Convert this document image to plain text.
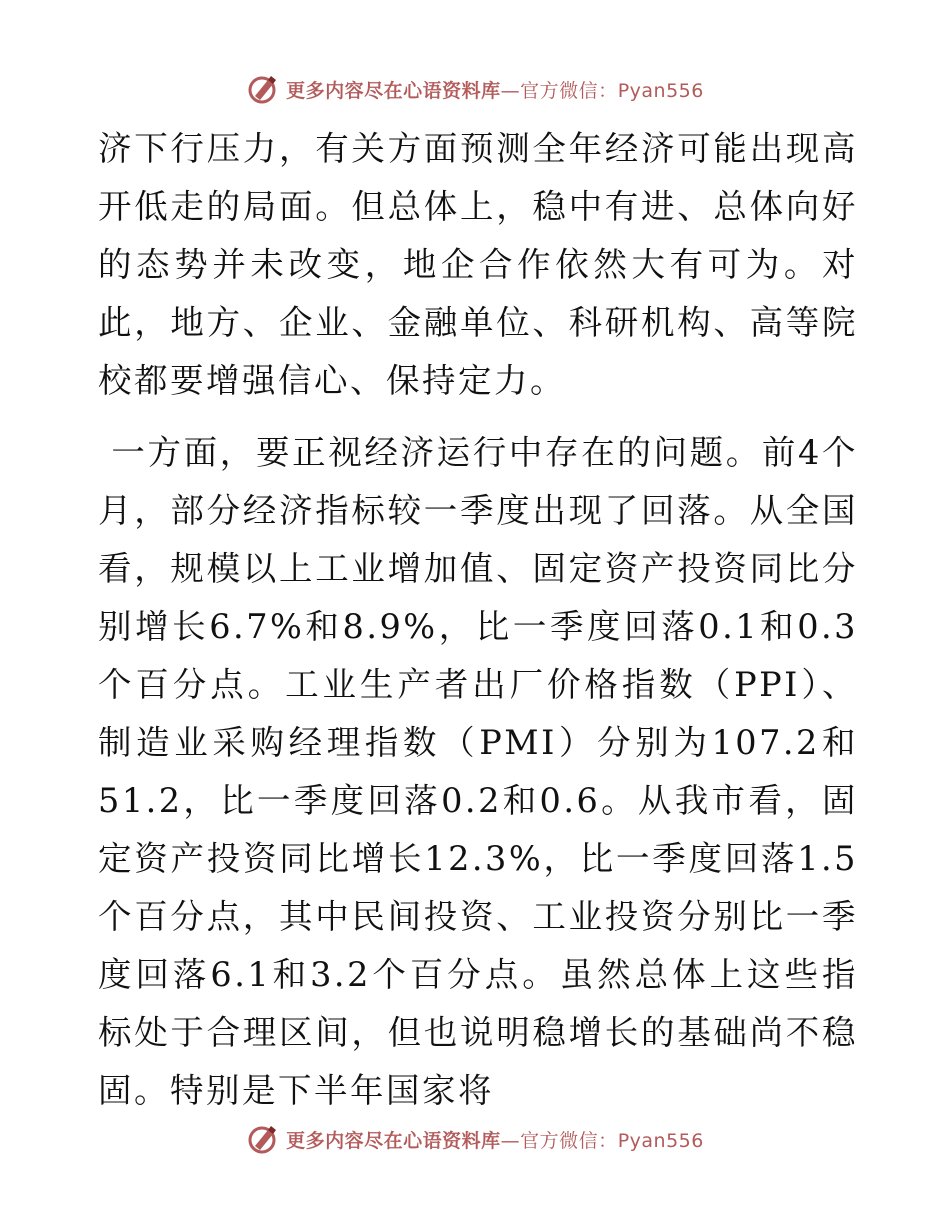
更多内容尽在心语资料库—官方微信：Pyan556

济下行压力，有关方面预测全年经济可能出现高开低走的局面。但总体上，稳中有进、总体向好的态势并未改变，地企合作依然大有可为。对此，地方、企业、金融单位、科研机构、高等院校都要增强信心、保持定力。

一方面，要正视经济运行中存在的问题。前4个月，部分经济指标较一季度出现了回落。从全国看，规模以上工业增加值、固定资产投资同比分别增长6.7%和8.9%，比一季度回落0.1和0.3个百分点。工业生产者出厂价格指数（PPI）、制造业采购经理指数（PMI）分别为107.2和51.2，比一季度回落0.2和0.6。从我市看，固定资产投资同比增长12.3%，比一季度回落1.5个百分点，其中民间投资、工业投资分别比一季度回落6.1和3.2个百分点。虽然总体上这些指标处于合理区间，但也说明稳增长的基础尚不稳固。特别是下半年国家将

更多内容尽在心语资料库—官方微信：Pyan556
